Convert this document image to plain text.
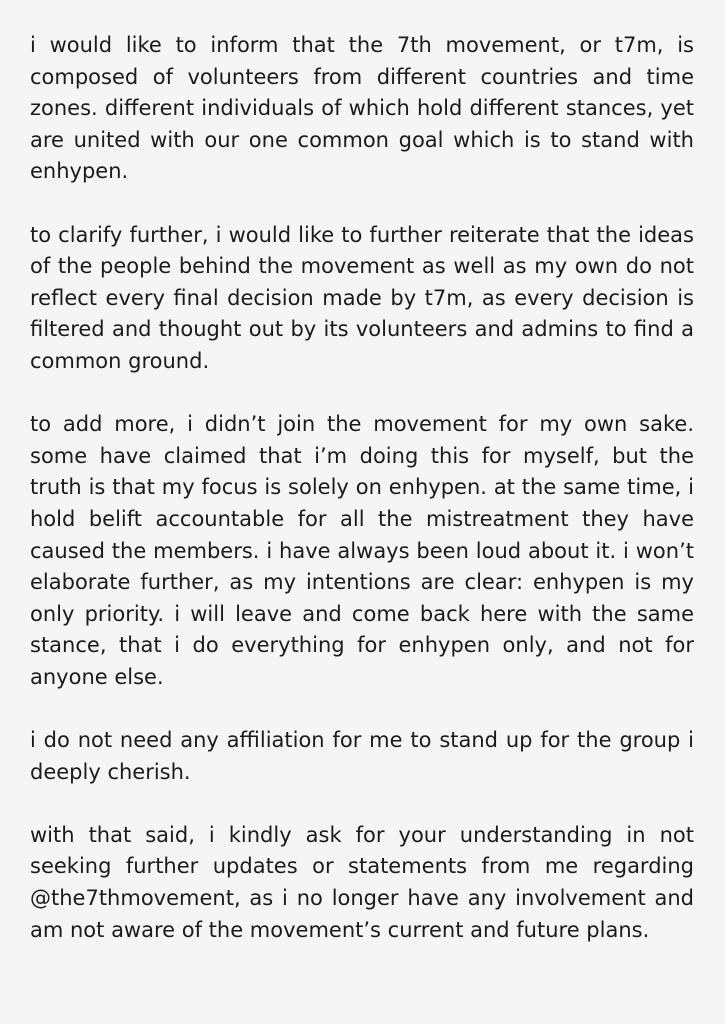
i would like to inform that the 7th movement, or t7m, is composed of volunteers from different countries and time zones. different individuals of which hold different stances, yet are united with our one common goal which is to stand with enhypen.

to clarify further, i would like to further reiterate that the ideas of the people behind the movement as well as my own do not reflect every final decision made by t7m, as every decision is filtered and thought out by its volunteers and admins to find a common ground.

to add more, i didn’t join the movement for my own sake. some have claimed that i’m doing this for myself, but the truth is that my focus is solely on enhypen. at the same time, i hold belift accountable for all the mistreatment they have caused the members. i have always been loud about it. i won’t elaborate further, as my intentions are clear: enhypen is my only priority. i will leave and come back here with the same stance, that i do everything for enhypen only, and not for anyone else.

i do not need any affiliation for me to stand up for the group i deeply cherish.

with that said, i kindly ask for your understanding in not seeking further updates or statements from me regarding @the7thmovement, as i no longer have any involvement and am not aware of the movement’s current and future plans.
